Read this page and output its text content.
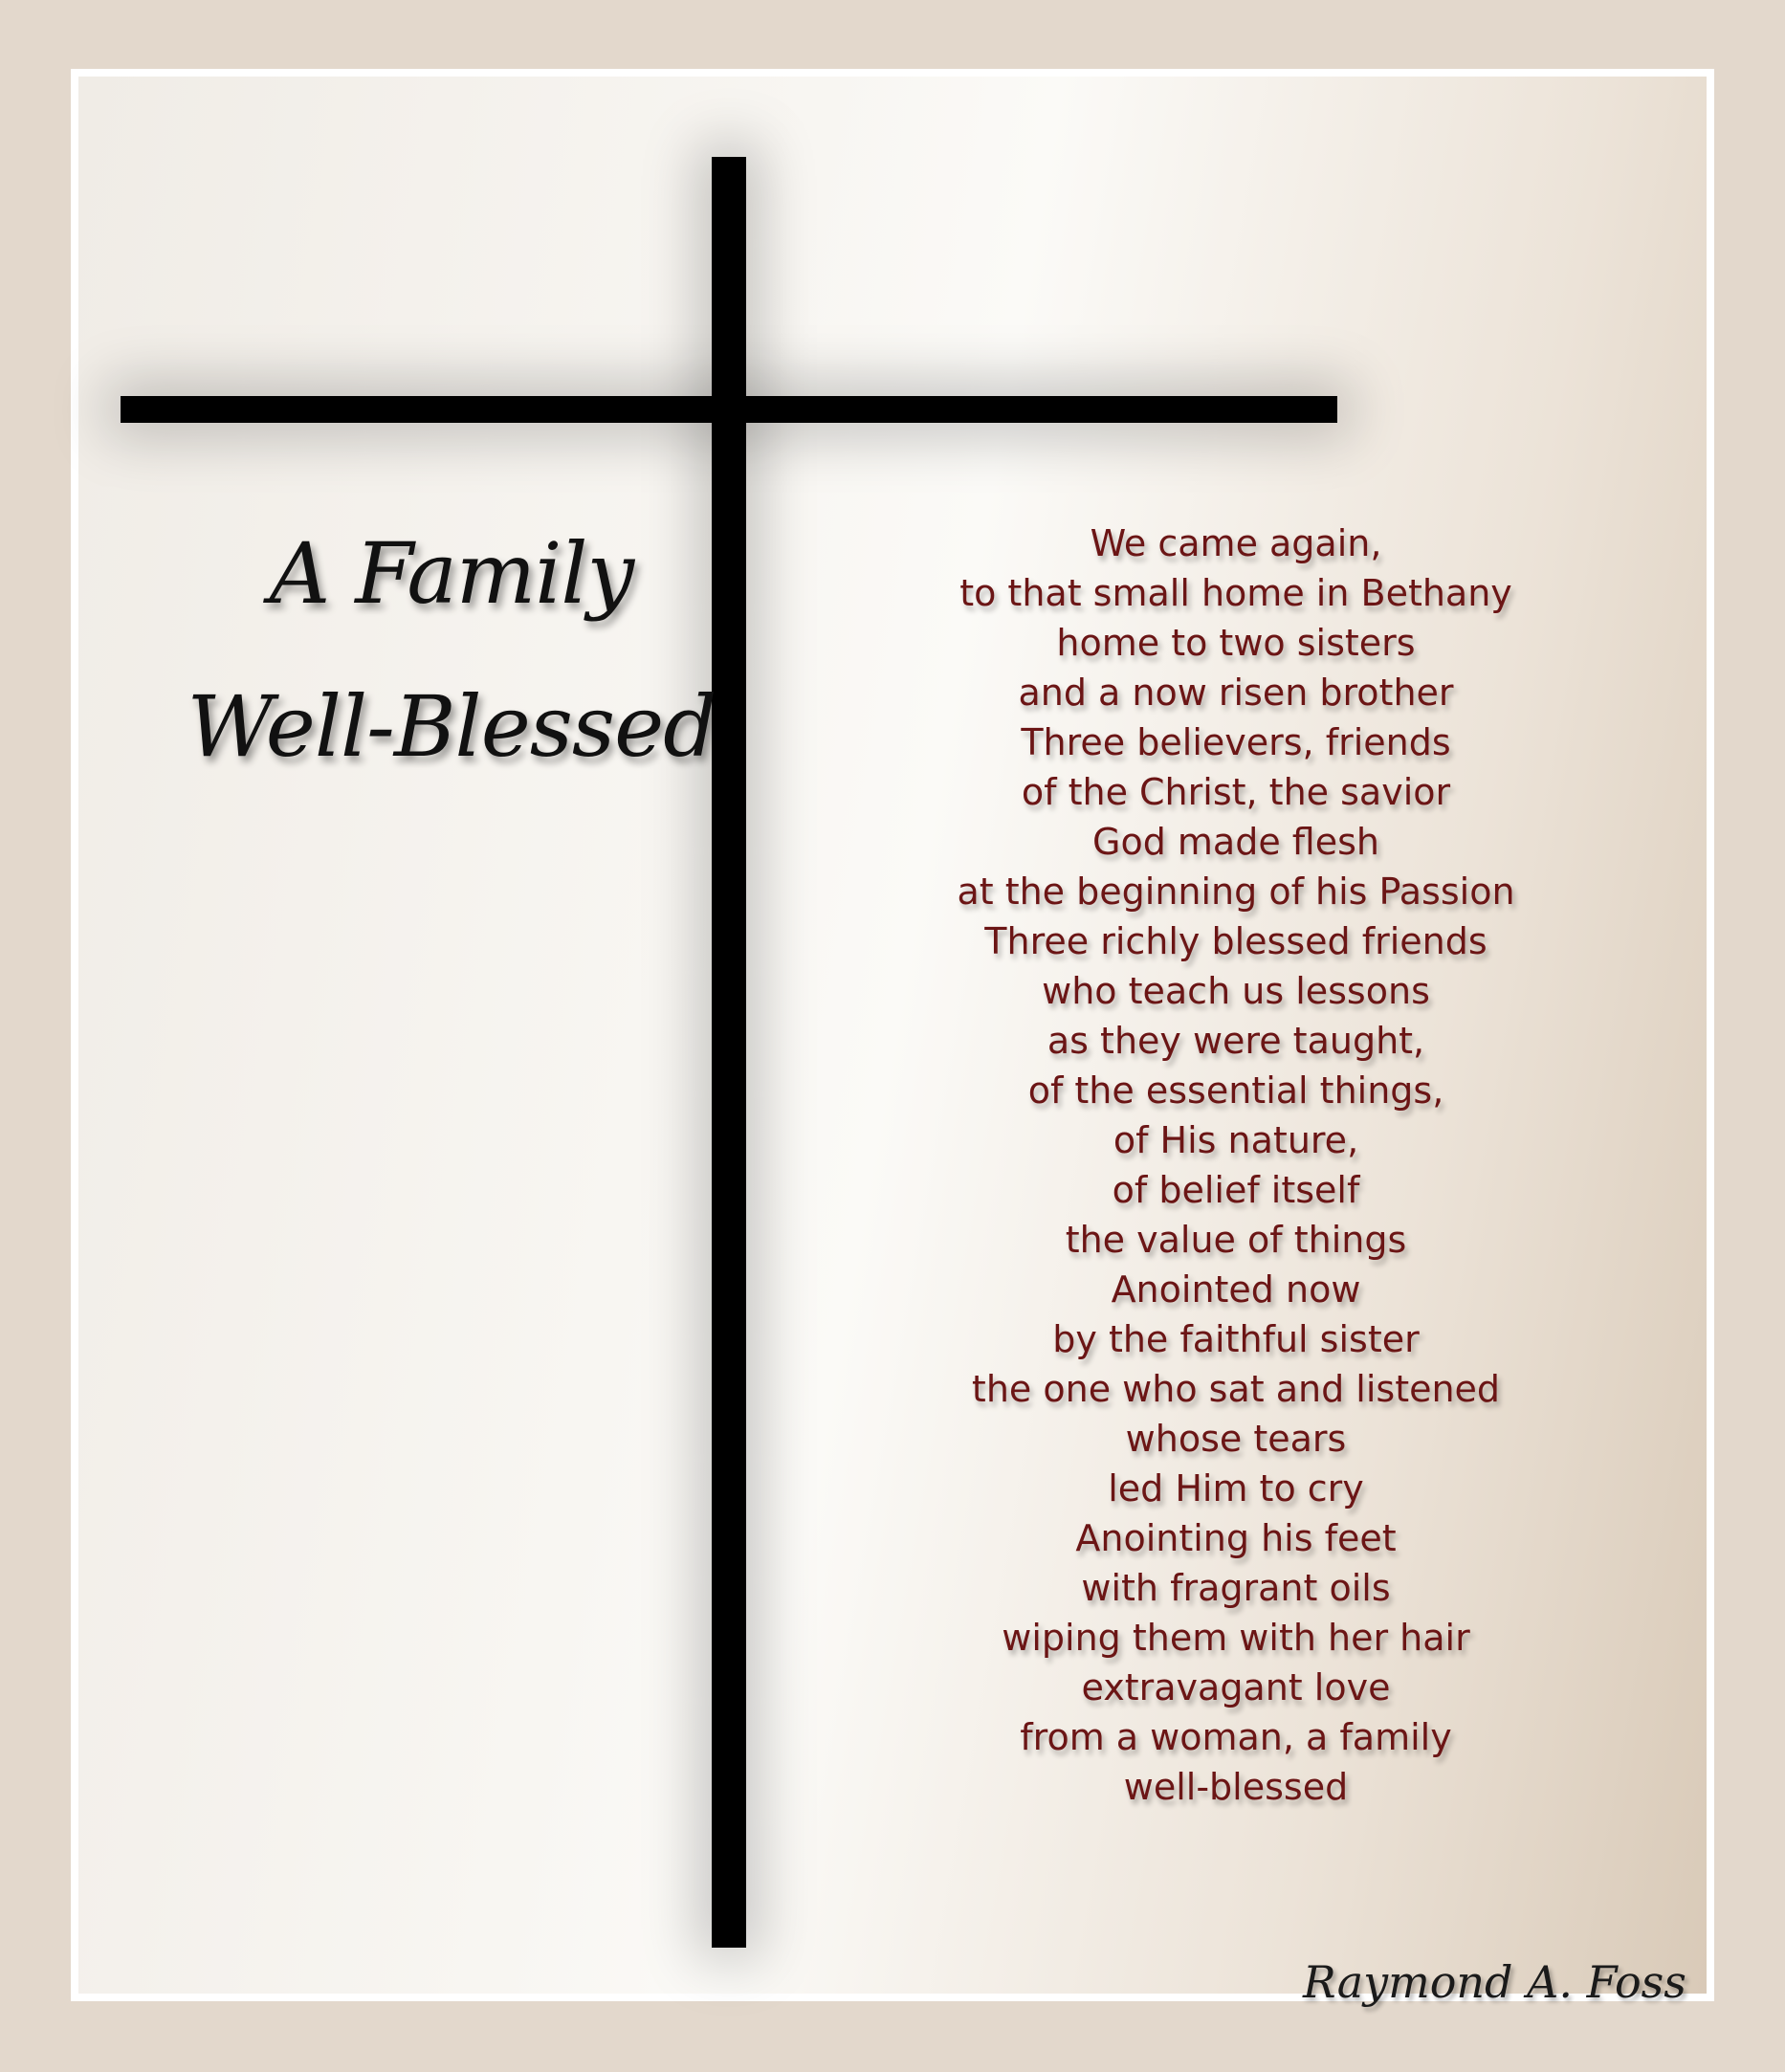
A Family
Well-Blessed

We came again,

to that small home in Bethany

home to two sisters

and a now risen brother

Three believers, friends

of the Christ, the savior

God made flesh

at the beginning of his Passion

Three richly blessed friends

who teach us lessons

as they were taught,

of the essential things,

of His nature,

of belief itself

the value of things

Anointed now

by the faithful sister

the one who sat and listened

whose tears

led Him to cry

Anointing his feet

with fragrant oils

wiping them with her hair

extravagant love

from a woman, a family

well-blessed

Raymond A. Foss
